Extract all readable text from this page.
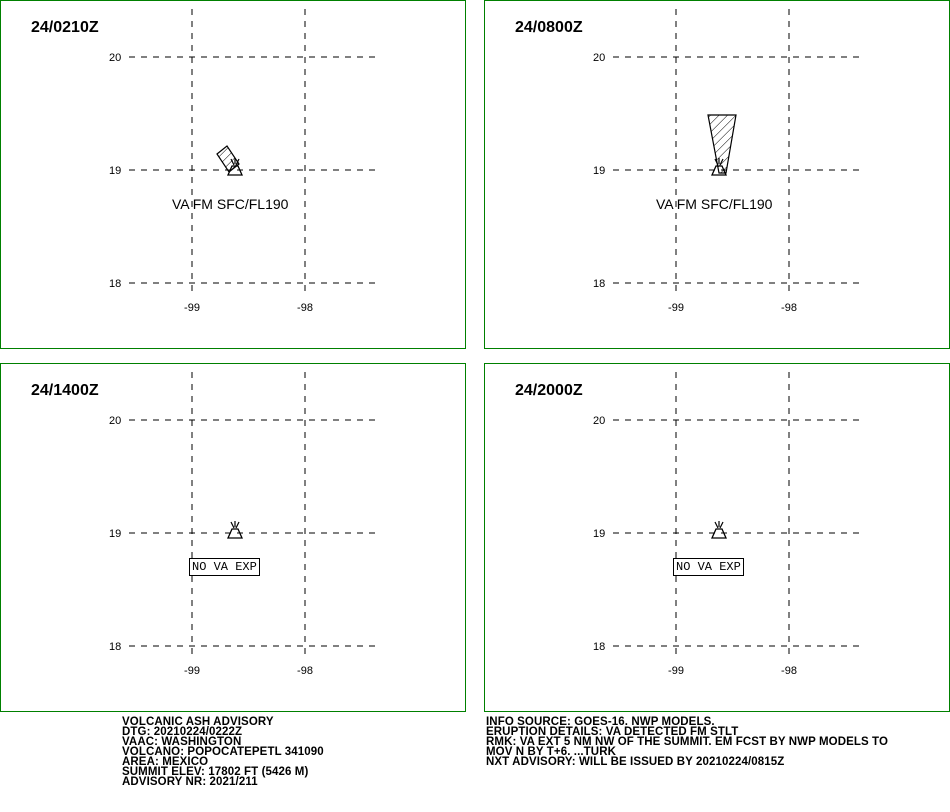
20
19
18
-99	-98
24/0210Z
VA FM SFC/FL190
20
19
18
-99	-98
24/0800Z
VA FM SFC/FL190
20
19
18
-99	-98
24/1400Z
NO VA EXP
20
19
18
-99	-98
24/2000Z
NO VA EXP
VOLCANIC ASH ADVISORY
DTG: 20210224/0222Z
VAAC: WASHINGTON
VOLCANO: POPOCATEPETL 341090
AREA: MEXICO
SUMMIT ELEV: 17802 FT (5426 M)
ADVISORY NR: 2021/211
INFO SOURCE: GOES-16. NWP MODELS.
ERUPTION DETAILS: VA DETECTED FM STLT
RMK: VA EXT 5 NM NW OF THE SUMMIT. EM FCST BY NWP MODELS TO
MOV N BY T+6. ...TURK
NXT ADVISORY: WILL BE ISSUED BY 20210224/0815Z
